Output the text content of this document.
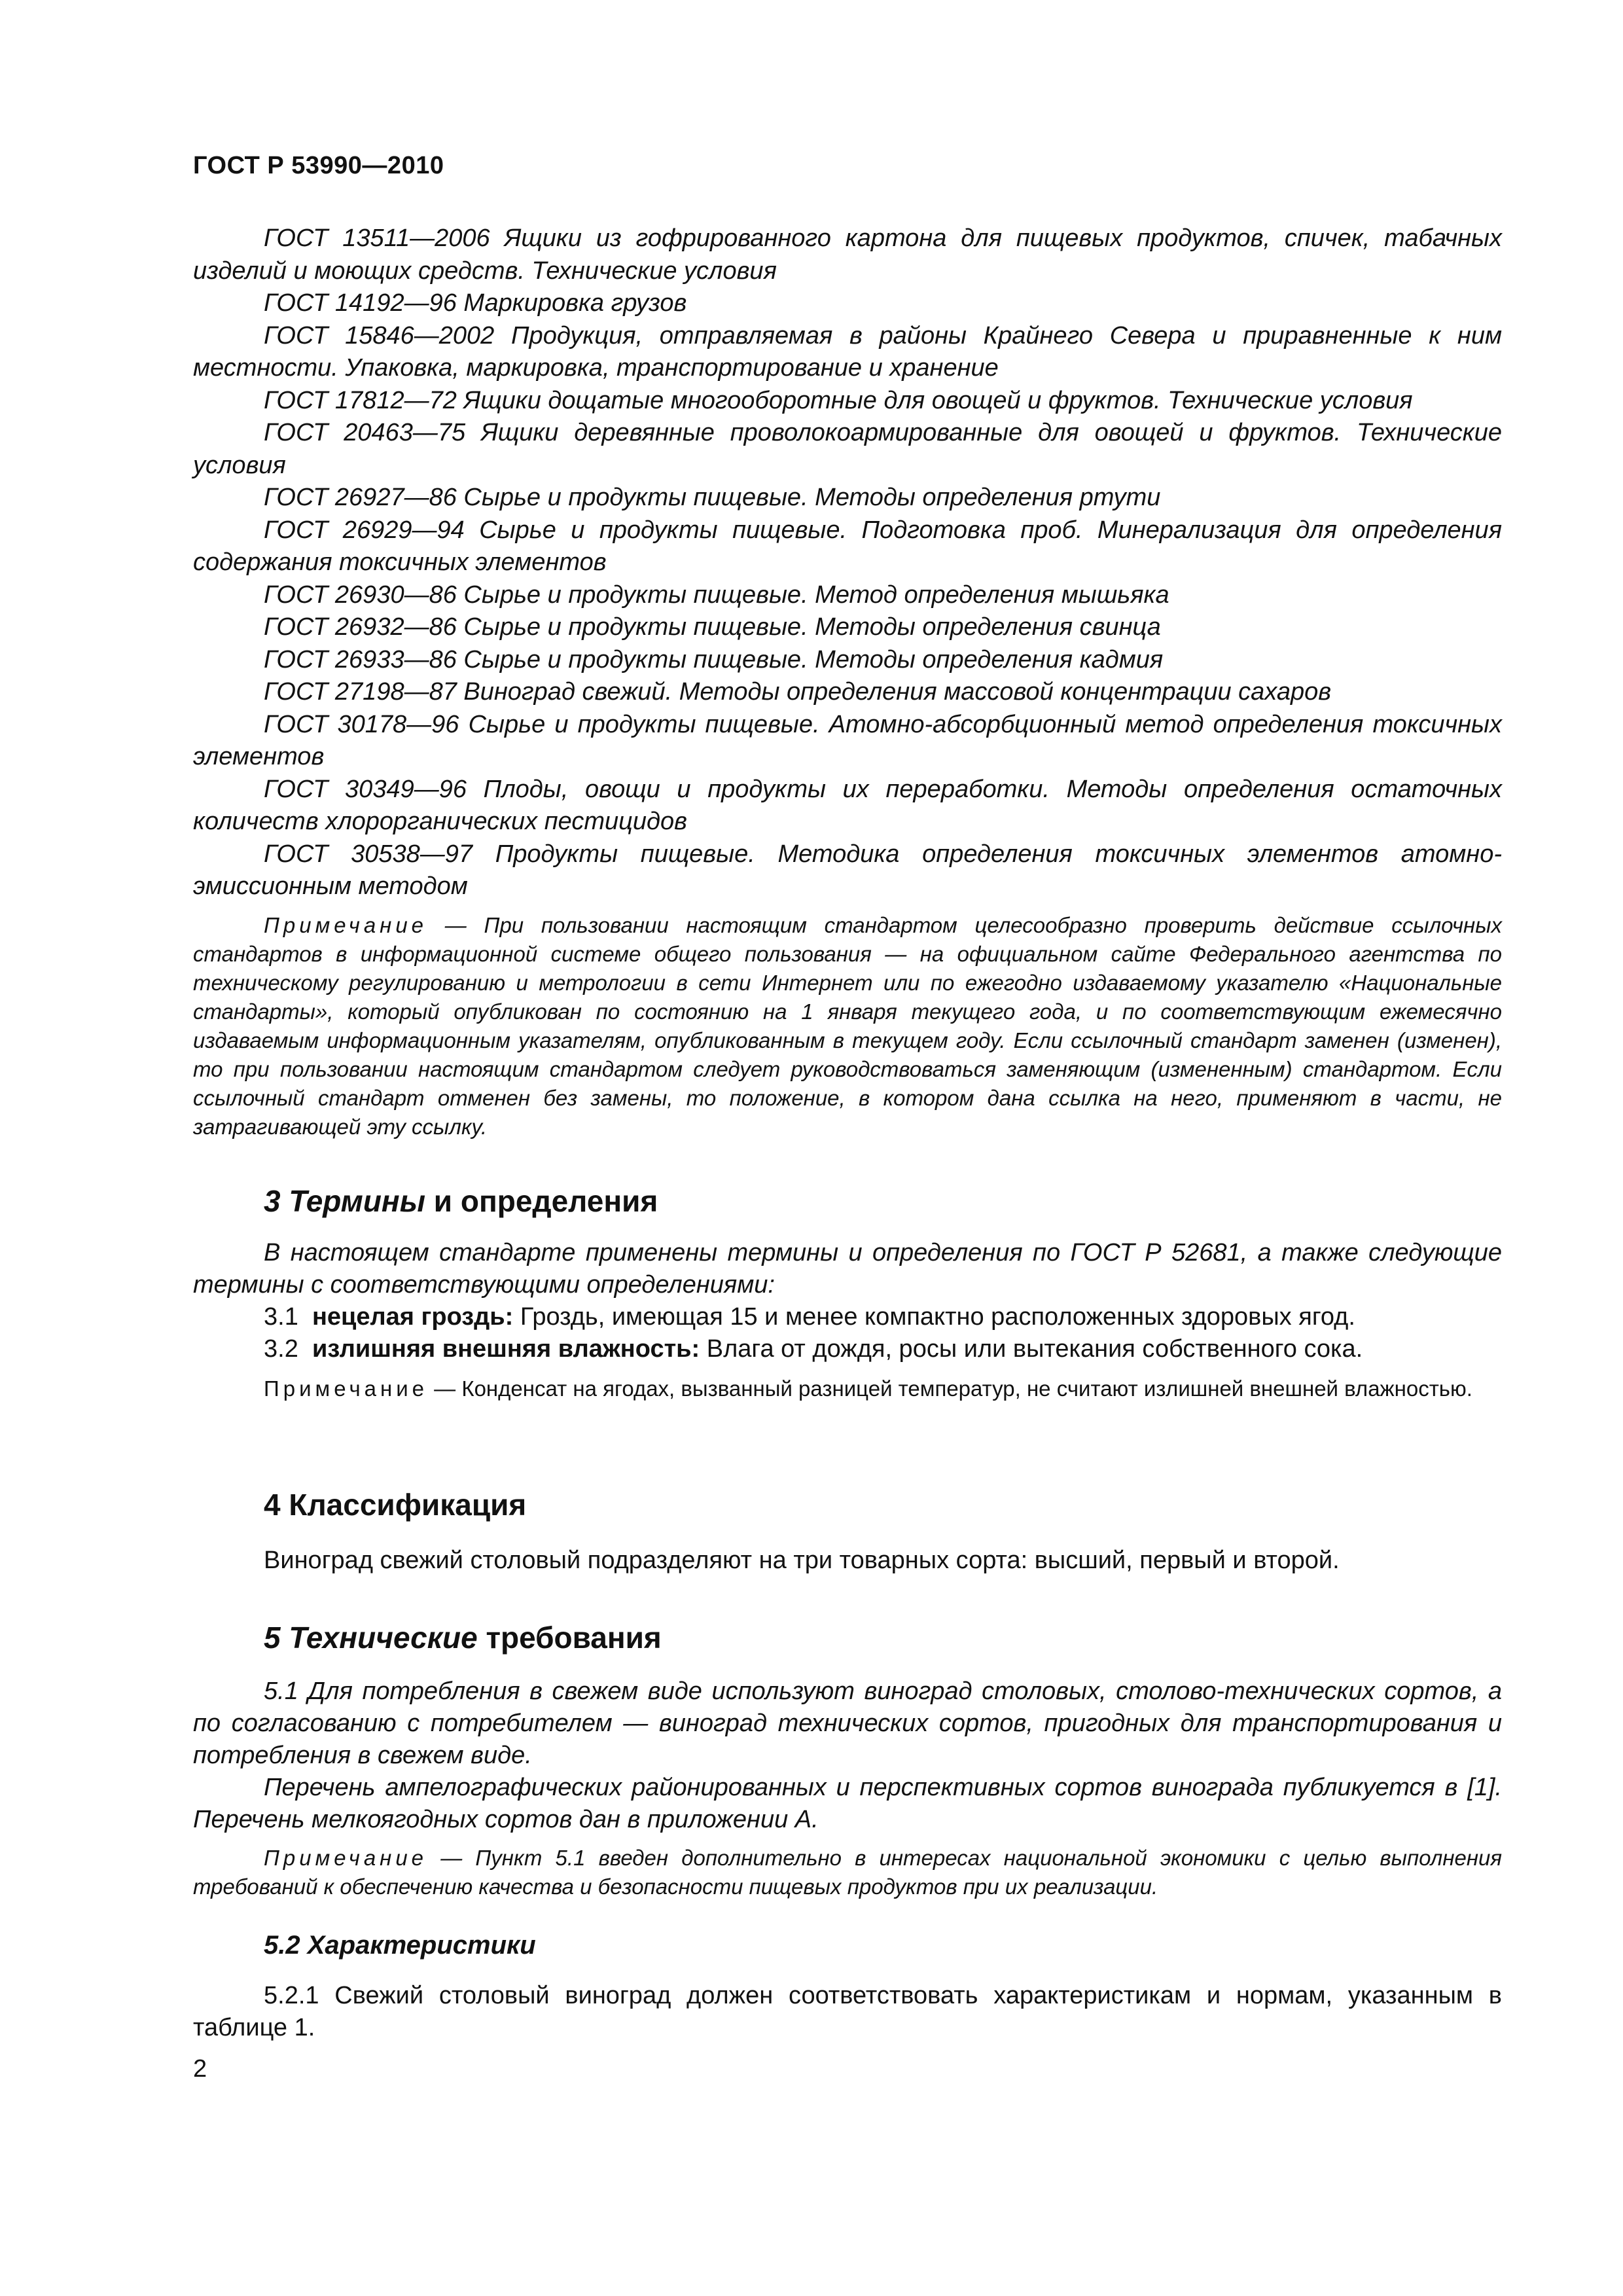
ГОСТ Р 53990—2010

ГОСТ 13511—2006 Ящики из гофрированного картона для пищевых продуктов, спичек, табачных изделий и моющих средств. Технические условия

ГОСТ 14192—96 Маркировка грузов

ГОСТ 15846—2002 Продукция, отправляемая в районы Крайнего Севера и приравненные к ним местности. Упаковка, маркировка, транспортирование и хранение

ГОСТ 17812—72 Ящики дощатые многооборотные для овощей и фруктов. Технические условия

ГОСТ 20463—75 Ящики деревянные проволокоармированные для овощей и фруктов. Технические условия

ГОСТ 26927—86 Сырье и продукты пищевые. Методы определения ртути

ГОСТ 26929—94 Сырье и продукты пищевые. Подготовка проб. Минерализация для определения содержания токсичных элементов

ГОСТ 26930—86 Сырье и продукты пищевые. Метод определения мышьяка

ГОСТ 26932—86 Сырье и продукты пищевые. Методы определения свинца

ГОСТ 26933—86 Сырье и продукты пищевые. Методы определения кадмия

ГОСТ 27198—87 Виноград свежий. Методы определения массовой концентрации сахаров

ГОСТ 30178—96 Сырье и продукты пищевые. Атомно-абсорбционный метод определения токсичных элементов

ГОСТ 30349—96 Плоды, овощи и продукты их переработки. Методы определения остаточных количеств хлорорганических пестицидов

ГОСТ 30538—97 Продукты пищевые. Методика определения токсичных элементов атомно-эмиссионным методом

Примечание — При пользовании настоящим стандартом целесообразно проверить действие ссылочных стандартов в информационной системе общего пользования — на официальном сайте Федерального агентства по техническому регулированию и метрологии в сети Интернет или по ежегодно издаваемому указателю «Национальные стандарты», который опубликован по состоянию на 1 января текущего года, и по соответствующим ежемесячно издаваемым информационным указателям, опубликованным в текущем году. Если ссылочный стандарт заменен (изменен), то при пользовании настоящим стандартом следует руководствоваться заменяющим (измененным) стандартом. Если ссылочный стандарт отменен без замены, то положение, в котором дана ссылка на него, применяют в части, не затрагивающей эту ссылку.

3 Термины и определения

В настоящем стандарте применены термины и определения по ГОСТ Р 52681, а также следующие термины с соответствующими определениями:

3.1 нецелая гроздь: Гроздь, имеющая 15 и менее компактно расположенных здоровых ягод.

3.2 излишняя внешняя влажность: Влага от дождя, росы или вытекания собственного сока.

Примечание — Конденсат на ягодах, вызванный разницей температур, не считают излишней внешней влажностью.

4 Классификация

Виноград свежий столовый подразделяют на три товарных сорта: высший, первый и второй.

5 Технические требования

5.1 Для потребления в свежем виде используют виноград столовых, столово-технических сортов, а по согласованию с потребителем — виноград технических сортов, пригодных для транспортирования и потребления в свежем виде.

Перечень ампелографических районированных и перспективных сортов винограда публикуется в [1]. Перечень мелкоягодных сортов дан в приложении А.

Примечание — Пункт 5.1 введен дополнительно в интересах национальной экономики с целью выполнения требований к обеспечению качества и безопасности пищевых продуктов при их реализации.

5.2 Характеристики

5.2.1 Свежий столовый виноград должен соответствовать характеристикам и нормам, указанным в таблице 1.

2
